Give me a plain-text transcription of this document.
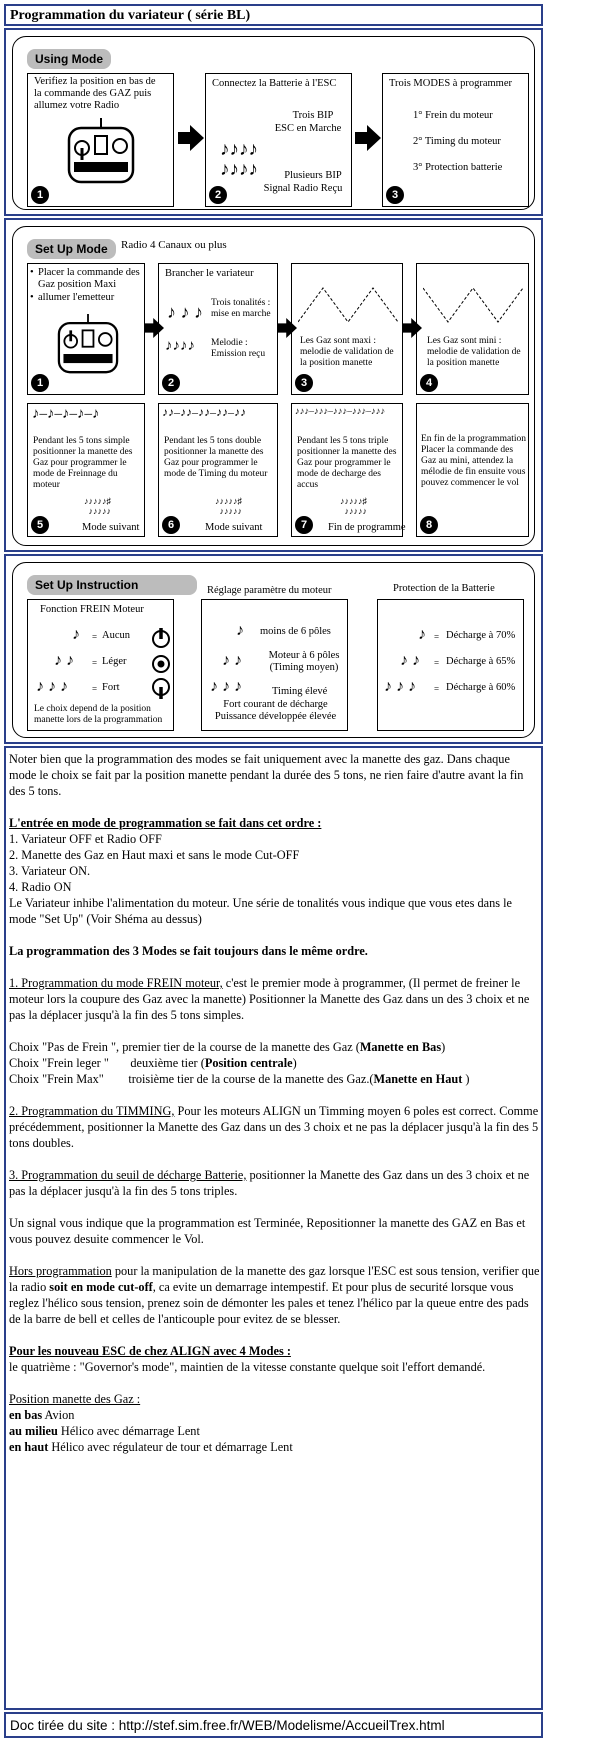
Programmation du variateur ( série BL)
Using Mode
Verifiez la position en bas de la commande des GAZ puis allumez votre Radio
1
Connectez la Batterie à l'ESC
Trois BIP
ESC en Marche
♪♪♪♪
♪♪♪♪	Plusieurs BIP
Signal Radio Reçu
2
Trois MODES à programmer
1° Frein du moteur
2° Timing du moteur
3° Protection batterie
3
Set Up Mode	Radio 4 Canaux ou plus
• Placer la commande des Gaz position Maxi
• allumer l'emetteur
1
Brancher le variateur
♪ ♪ ♪ Trois tonalités : mise en marche
♪♪♪♪ Melodie : Emission reçu
2
Les Gaz sont maxi : melodie de validation de la position manette
3
Les Gaz sont mini : melodie de validation de la position manette
4
♪–♪–♪–♪–♪
Pendant les 5 tons simple positionner la manette des Gaz pour programmer le mode de Freinnage du moteur
♪♪♪♪♪♯
♪♪♪♪♪
Mode suivant
5
♪♪–♪♪–♪♪–♪♪–♪♪
Pendant les 5 tons double positionner la manette des Gaz pour programmer le mode de Timing du moteur
♪♪♪♪♪♯
♪♪♪♪♪
Mode suivant
6
♪♪♪–♪♪♪–♪♪♪–♪♪♪–♪♪♪
Pendant les 5 tons triple positionner la manette des Gaz pour programmer le mode de decharge des accus
♪♪♪♪♪♯
♪♪♪♪♪
Fin de programme
7
En fin de la programmation Placer la commande des Gaz au mini, attendez la mélodie de fin ensuite vous pouvez commencer le vol
8
Set Up Instruction
Fonction FREIN Moteur
♪ = Aucun
♪ ♪ = Léger
♪ ♪ ♪	= Fort
Le choix depend de la position manette lors de la programmation
Réglage paramètre du moteur
♪ moins de 6 pôles
♪ ♪	Moteur à 6 pôles (Timing moyen)
♪ ♪ ♪	Timing élevé
Fort courant de décharge
Puissance développée élevée
Protection de la Batterie
♪ = Décharge à 70%
♪ ♪ = Décharge à 65%
♪ ♪ ♪ = Décharge à 60%

Noter bien que la programmation des modes se fait uniquement avec la manette des gaz. Dans chaque mode le choix se fait par la position manette pendant la durée des 5 tons, ne rien faire d'autre avant la fin des 5 tons.

L'entrée en mode de programmation se fait dans cet ordre :

1. Variateur OFF et Radio OFF

2. Manette des Gaz en Haut maxi et sans le mode Cut-OFF

3. Variateur ON.

4. Radio ON

Le Variateur inhibe l'alimentation du moteur. Une série de tonalités vous indique que vous etes dans le mode "Set Up" (Voir Shéma au dessus)

La programmation des 3 Modes se fait toujours dans le même ordre.

1. Programmation du mode FREIN moteur, c'est le premier mode à programmer, (Il permet de freiner le moteur lors la coupure des Gaz avec la manette) Positionner la Manette des Gaz dans un des 3 choix et ne pas la déplacer jusqu'à la fin des 5 tons simples.

Choix "Pas de Frein ", premier tier de la course de la manette des Gaz (Manette en Bas)

Choix "Frein leger "       deuxième tier (Position centrale)

Choix "Frein Max"        troisième tier de la course de la manette des Gaz.(Manette en Haut )

2. Programmation du TIMMING, Pour les moteurs ALIGN un Timming moyen 6 poles est correct. Comme précédemment, positionner la Manette des Gaz dans un des 3 choix et ne pas la déplacer jusqu'à la fin des 5 tons doubles.

3. Programmation du seuil de décharge Batterie, positionner la Manette des Gaz dans un des 3 choix et ne pas la déplacer jusqu'à la fin des 5 tons triples.

Un signal vous indique que la programmation est Terminée, Repositionner la manette des GAZ en Bas et vous pouvez desuite commencer le Vol.

Hors programmation pour la manipulation de la manette des gaz lorsque l'ESC est sous tension, verifier que la radio soit en mode cut-off, ca evite un demarrage intempestif. Et pour plus de securité lorsque vous reglez l'hélico sous tension, prenez soin de démonter les pales et tenez l'hélico par la queue entre des pads de la barre de bell et celles de l'anticouple pour evitez de se blesser.

Pour les nouveau ESC de chez ALIGN avec 4 Modes :

le quatrième : "Governor's mode", maintien de la vitesse constante quelque soit l'effort demandé.

Position manette des Gaz :

en bas Avion

au milieu Hélico avec démarrage Lent

en haut Hélico avec régulateur de tour et démarrage Lent

Doc tirée du site : http://stef.sim.free.fr/WEB/Modelisme/AccueilTrex.html
